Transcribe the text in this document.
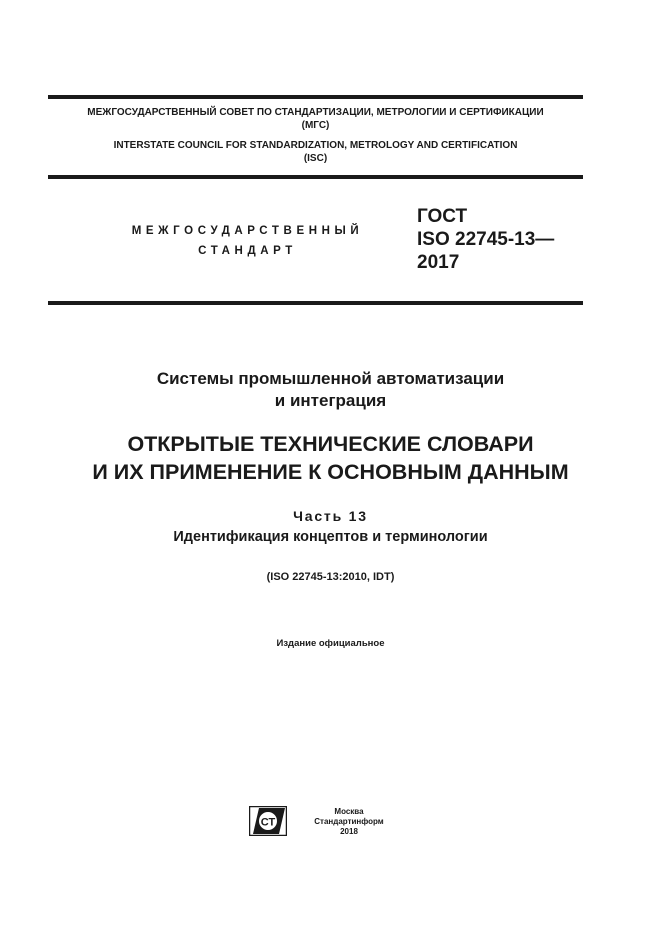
МЕЖГОСУДАРСТВЕННЫЙ СОВЕТ ПО СТАНДАРТИЗАЦИИ, МЕТРОЛОГИИ И СЕРТИФИКАЦИИ
(МГС)
INTERSTATE COUNCIL FOR STANDARDIZATION, METROLOGY AND CERTIFICATION
(ISC)
МЕЖГОСУДАРСТВЕННЫЙ
СТАНДАРТ
ГОСТ
ISO 22745-13—
2017
Системы промышленной автоматизации
и интеграция
ОТКРЫТЫЕ ТЕХНИЧЕСКИЕ СЛОВАРИ
И ИХ ПРИМЕНЕНИЕ К ОСНОВНЫМ ДАННЫМ
Часть 13
Идентификация концептов и терминологии
(ISO 22745-13:2010, IDT)
Издание официальное
СТ
Москва
Стандартинформ
2018
